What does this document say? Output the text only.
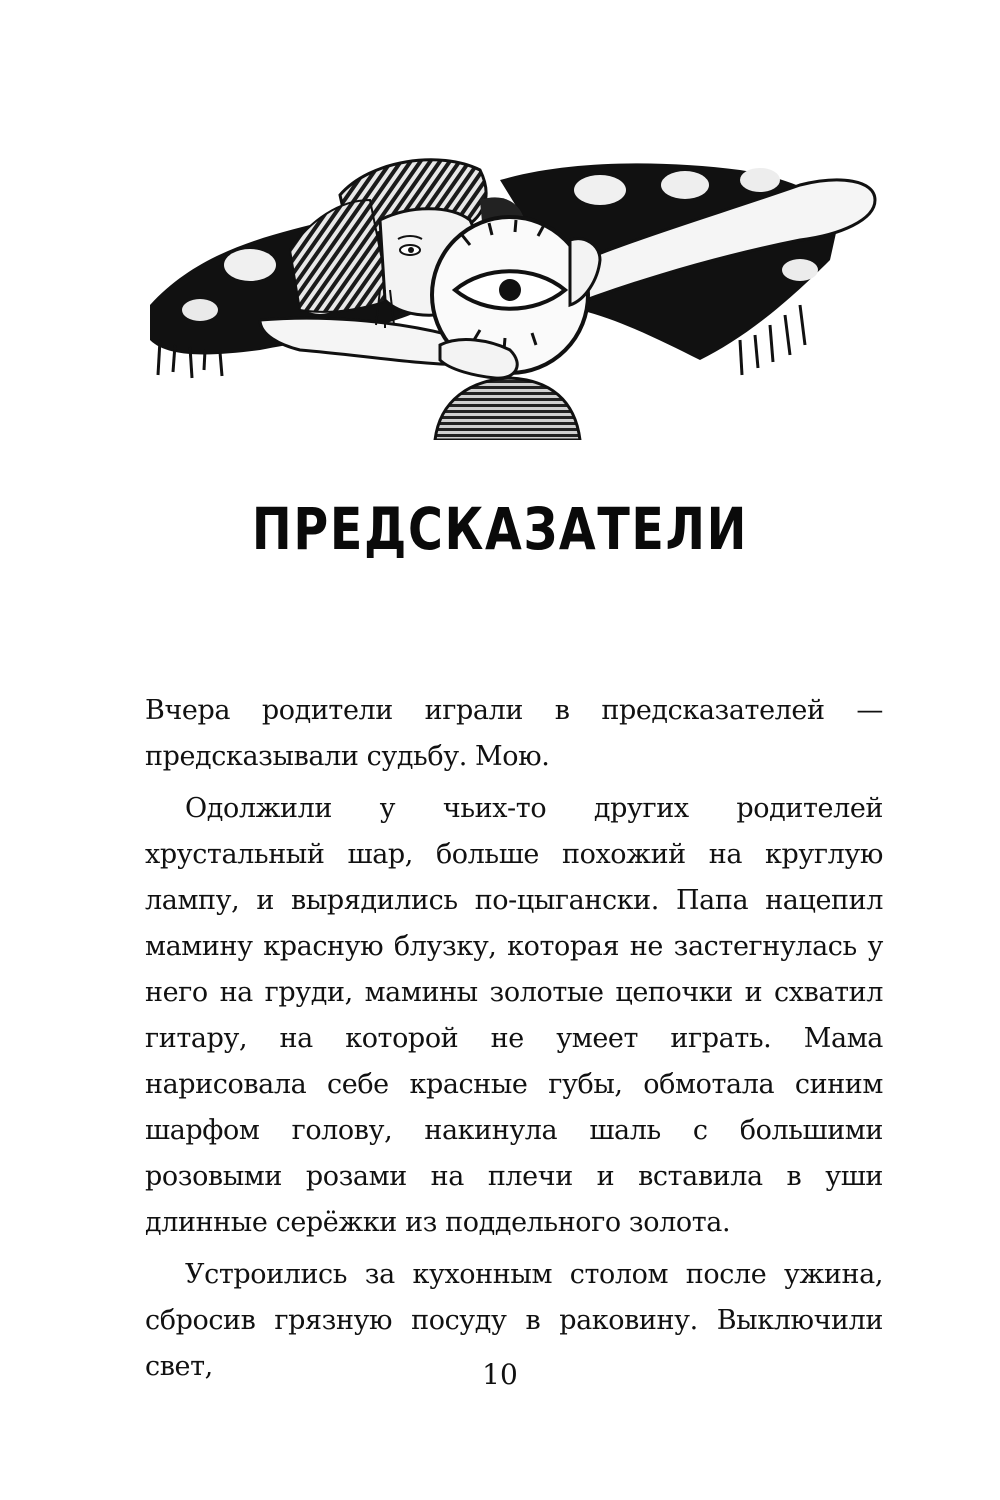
ПРЕДСКАЗАТЕЛИ

Вчера родители играли в предсказателей — предсказывали судьбу. Мою.

Одолжили у чьих-то других родителей хрустальный шар, больше похожий на круглую лампу, и вырядились по-цыгански. Папа нацепил мамину красную блузку, которая не застегнулась у него на груди, мамины золотые цепочки и схватил гитару, на которой не умеет играть. Мама нарисовала себе красные губы, обмотала синим шарфом голову, накинула шаль с большими розовыми розами на плечи и вставила в уши длинные серёжки из поддельного золота.

Устроились за кухонным столом после ужина, сбросив грязную посуду в раковину. Выключили свет,	10
